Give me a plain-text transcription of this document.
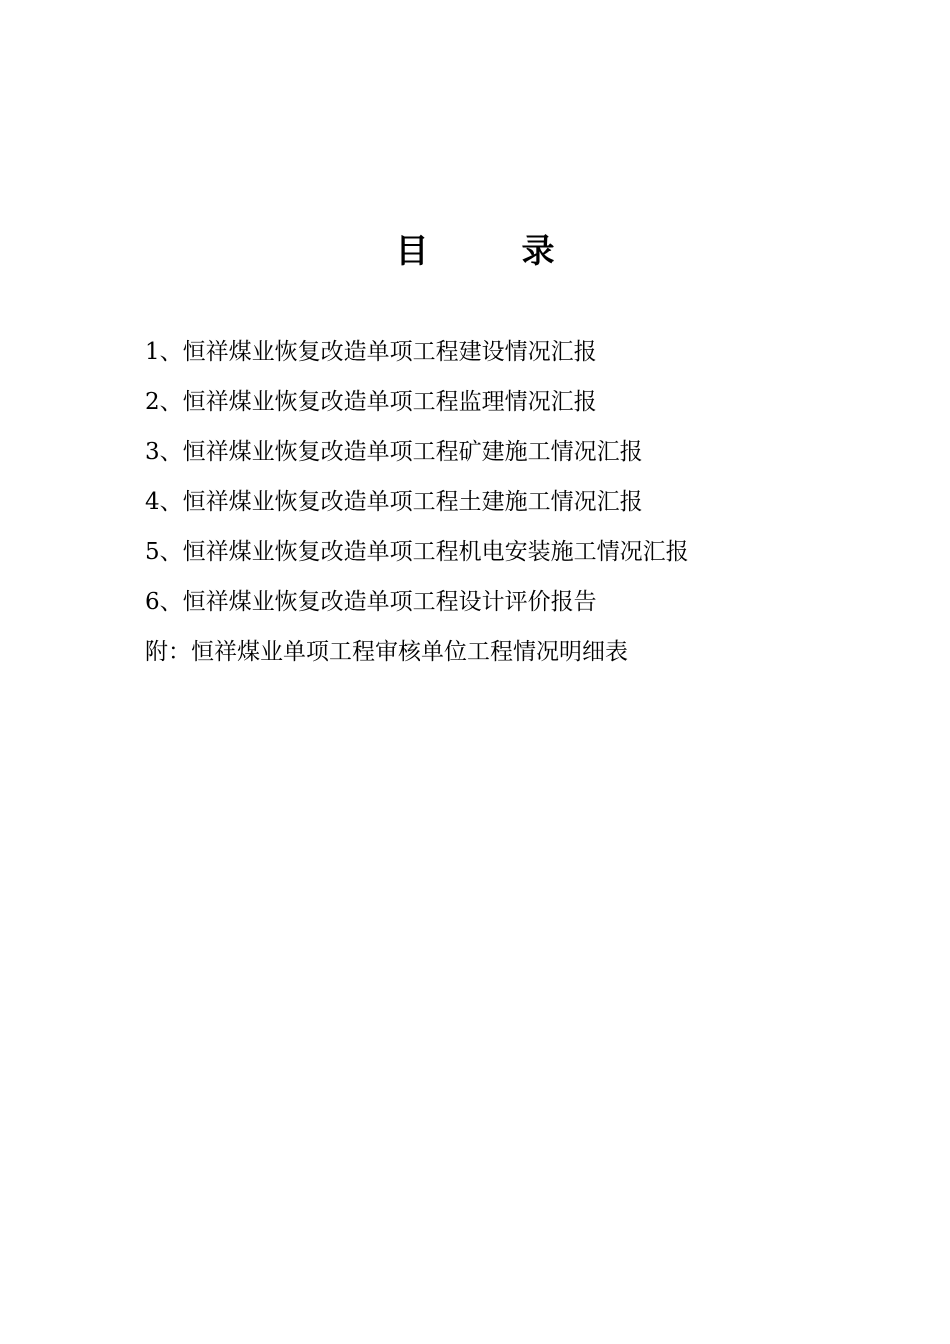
目　录
1、恒祥煤业恢复改造单项工程建设情况汇报
2、恒祥煤业恢复改造单项工程监理情况汇报
3、恒祥煤业恢复改造单项工程矿建施工情况汇报
4、恒祥煤业恢复改造单项工程土建施工情况汇报
5、恒祥煤业恢复改造单项工程机电安装施工情况汇报
6、恒祥煤业恢复改造单项工程设计评价报告
附：恒祥煤业单项工程审核单位工程情况明细表
